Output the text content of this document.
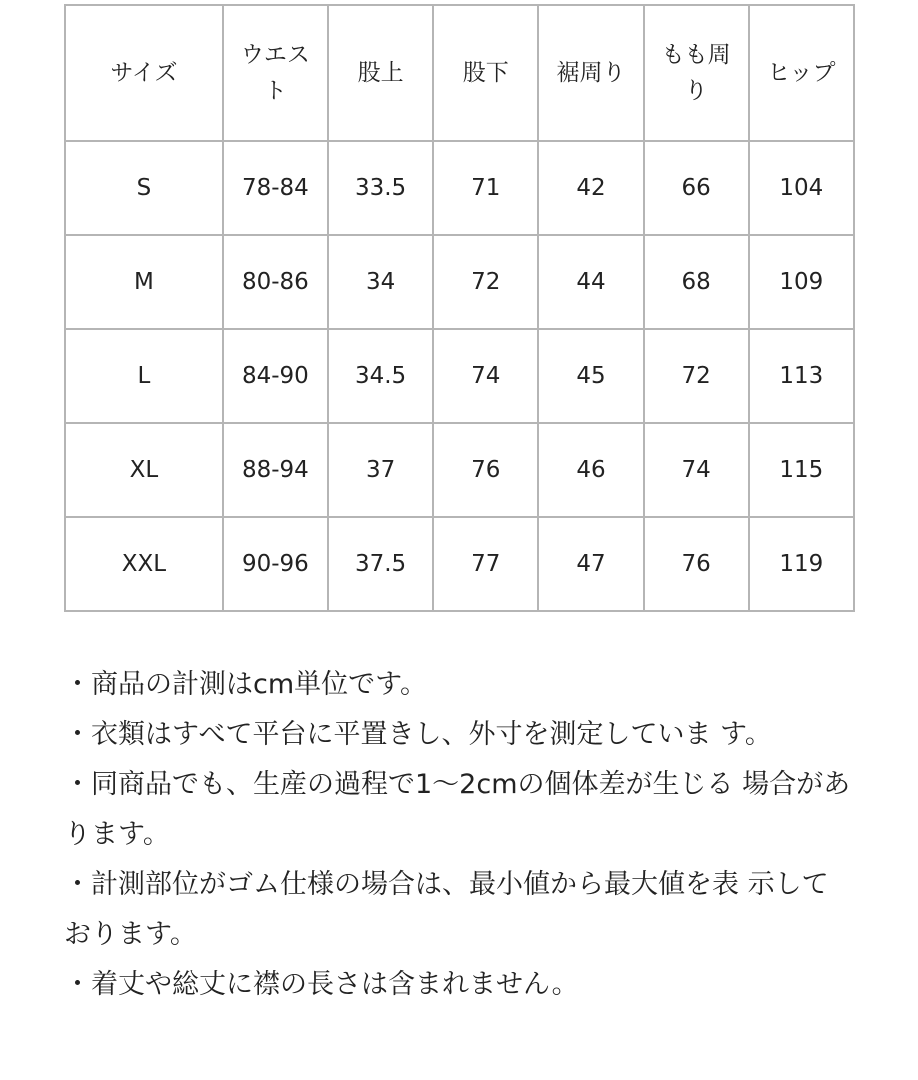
サイズ	ウエスト	股上	股下	裾周り	もも周り	ヒップ
S	78-84	33.5	71	42	66	104
M	80-86	34	72	44	68	109
L	84-90	34.5	74	45	72	113
XL	88-94	37	76	46	74	115
XXL	90-96	37.5	77	47	76	119

・商品の計測はcm単位です。

・衣類はすべて平台に平置きし、外寸を測定していま す。

・同商品でも、生産の過程で1〜2cmの個体差が生じる 場合があります。

・計測部位がゴム仕様の場合は、最小値から最大値を表 示しております。

・着丈や総丈に襟の長さは含まれません。
